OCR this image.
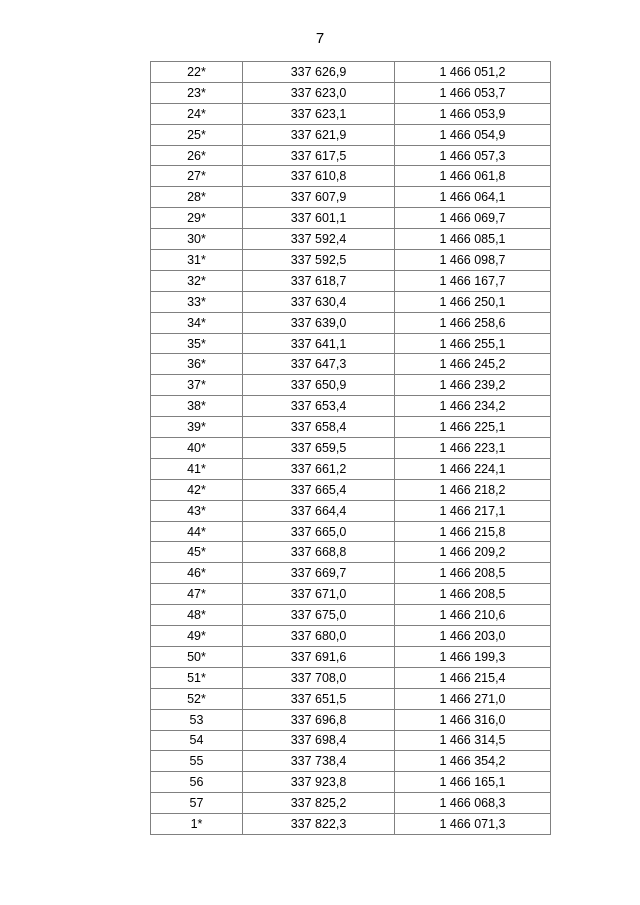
7
22*	337 626,9	1 466 051,2
23*	337 623,0	1 466 053,7
24*	337 623,1	1 466 053,9
25*	337 621,9	1 466 054,9
26*	337 617,5	1 466 057,3
27*	337 610,8	1 466 061,8
28*	337 607,9	1 466 064,1
29*	337 601,1	1 466 069,7
30*	337 592,4	1 466 085,1
31*	337 592,5	1 466 098,7
32*	337 618,7	1 466 167,7
33*	337 630,4	1 466 250,1
34*	337 639,0	1 466 258,6
35*	337 641,1	1 466 255,1
36*	337 647,3	1 466 245,2
37*	337 650,9	1 466 239,2
38*	337 653,4	1 466 234,2
39*	337 658,4	1 466 225,1
40*	337 659,5	1 466 223,1
41*	337 661,2	1 466 224,1
42*	337 665,4	1 466 218,2
43*	337 664,4	1 466 217,1
44*	337 665,0	1 466 215,8
45*	337 668,8	1 466 209,2
46*	337 669,7	1 466 208,5
47*	337 671,0	1 466 208,5
48*	337 675,0	1 466 210,6
49*	337 680,0	1 466 203,0
50*	337 691,6	1 466 199,3
51*	337 708,0	1 466 215,4
52*	337 651,5	1 466 271,0
53	337 696,8	1 466 316,0
54	337 698,4	1 466 314,5
55	337 738,4	1 466 354,2
56	337 923,8	1 466 165,1
57	337 825,2	1 466 068,3
1*	337 822,3	1 466 071,3
